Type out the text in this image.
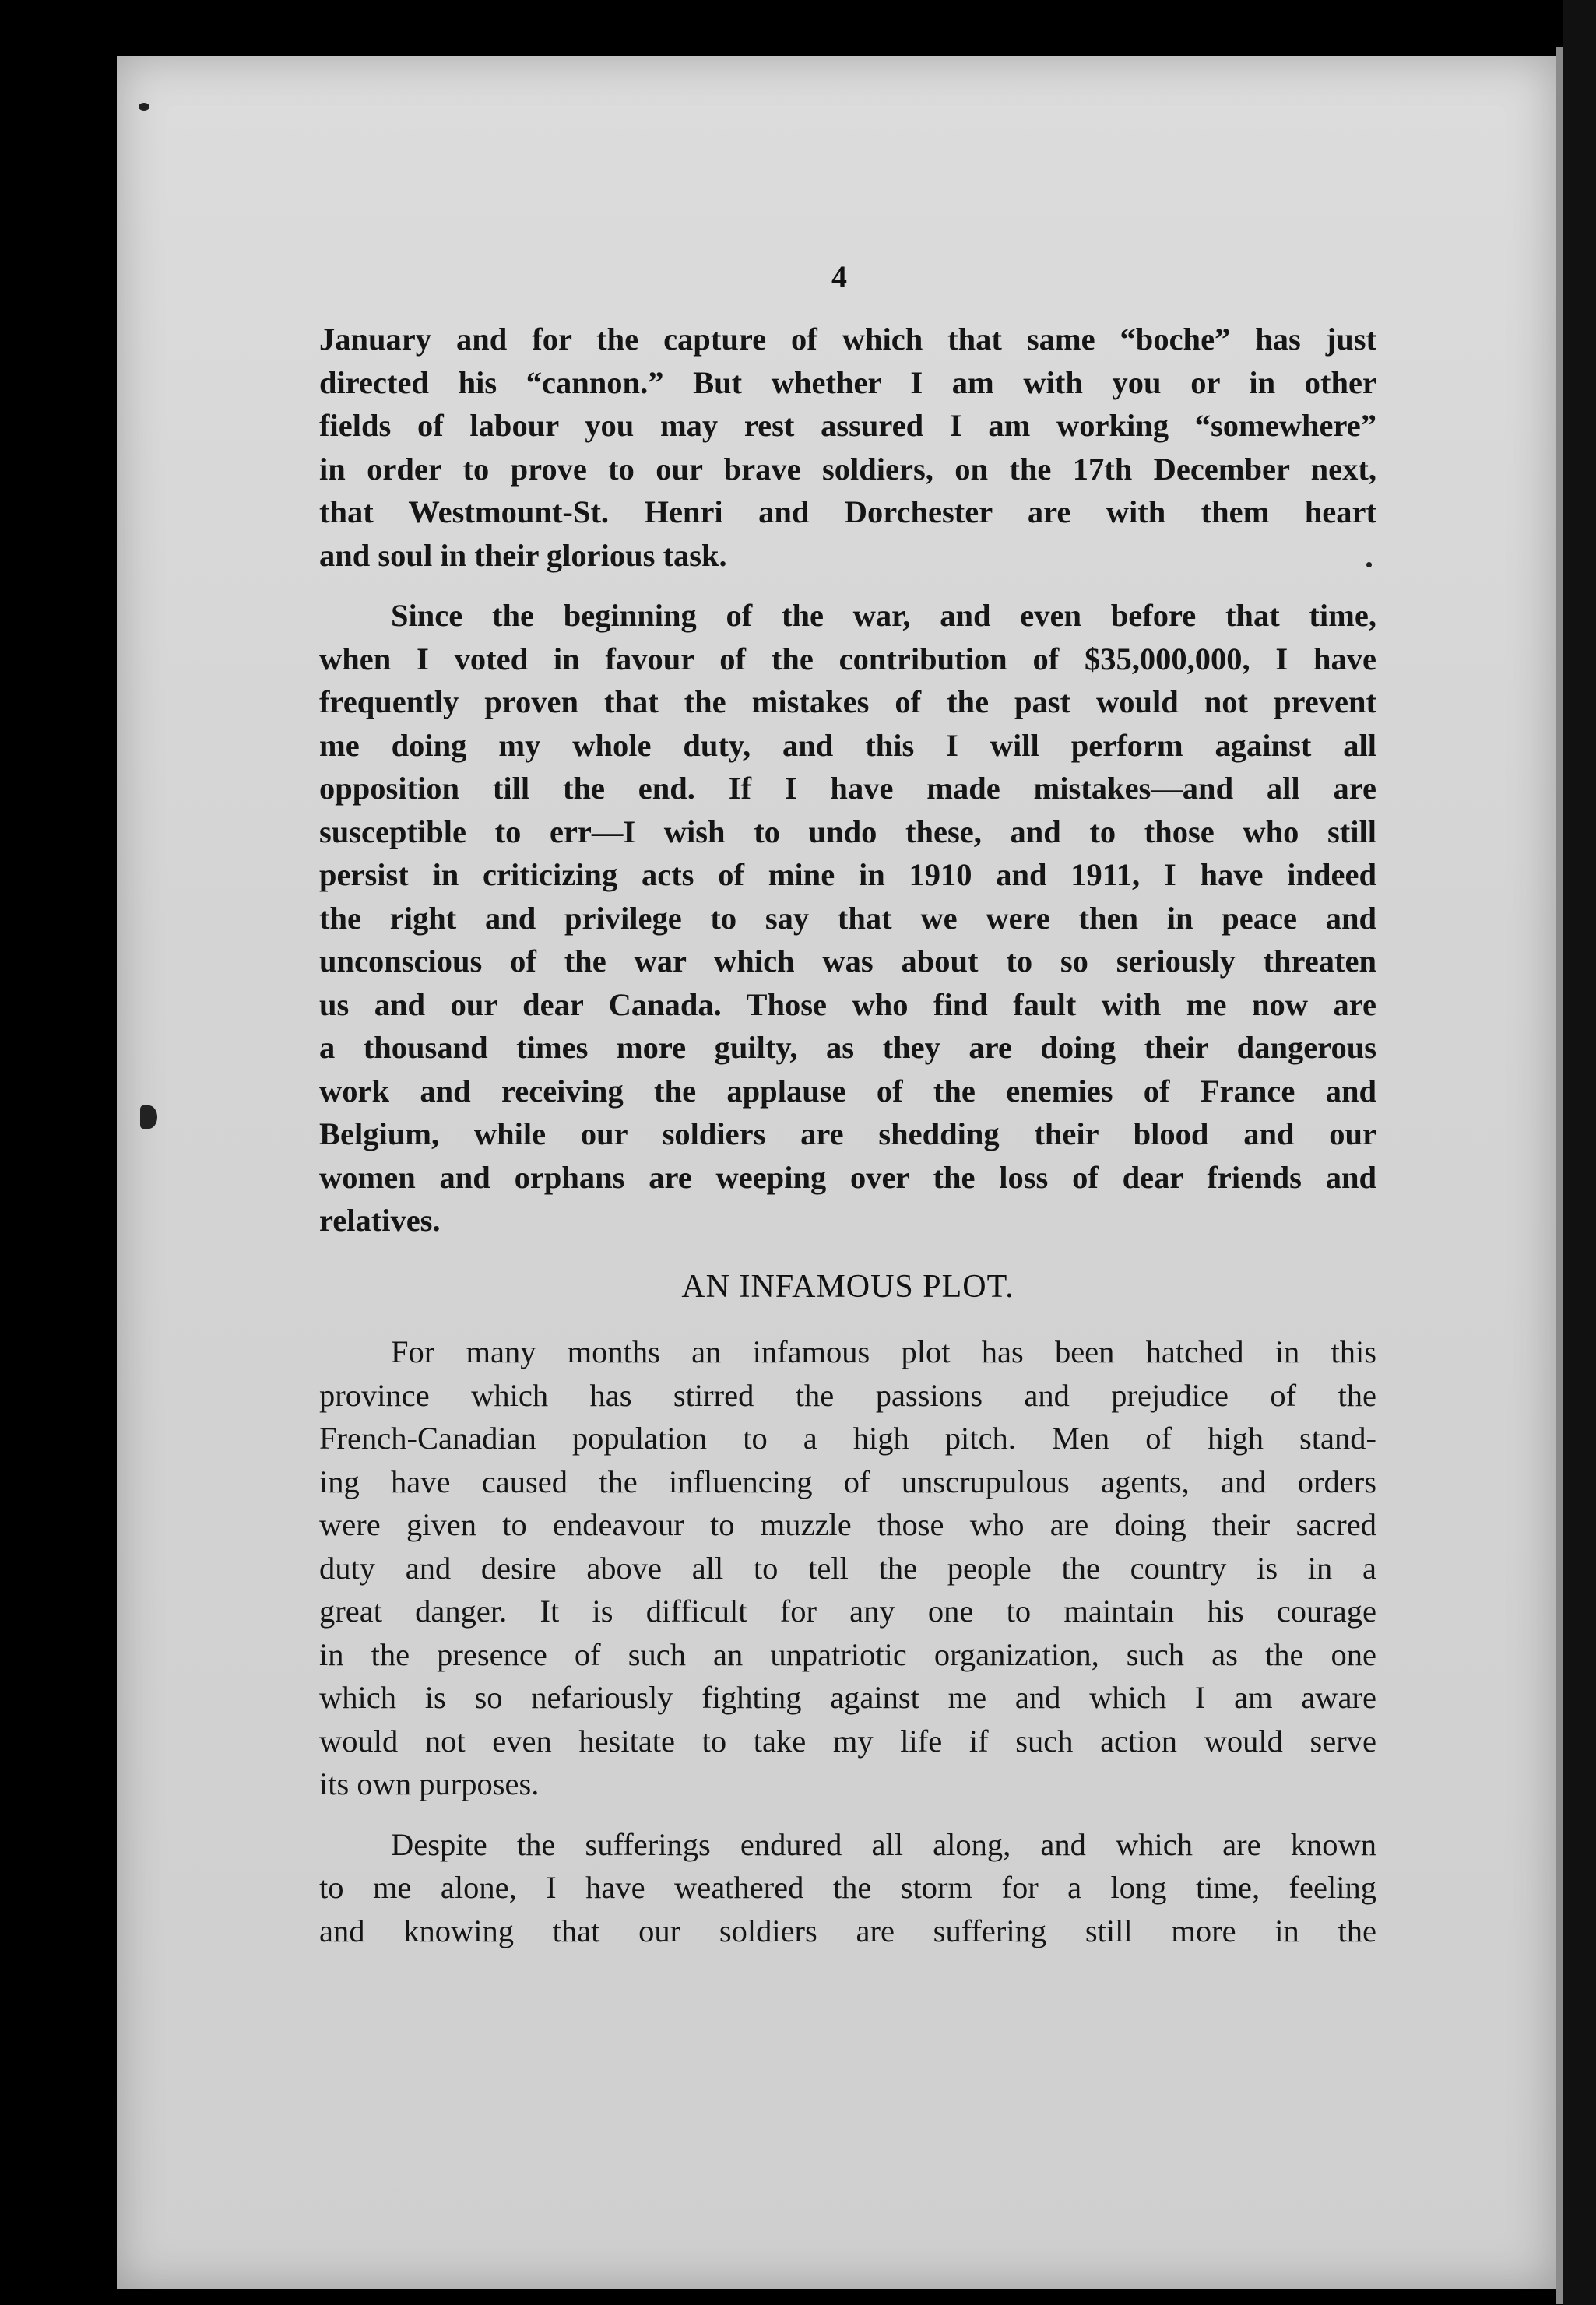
4

January and for the capture of which that same “boche” has just
directed his “cannon.” But whether I am with you or in other
fields of labour you may rest assured I am working “somewhere”
in order to prove to our brave soldiers, on the 17th December next,
that Westmount-St. Henri and Dorchester are with them heart
and soul in their glorious task.

Since the beginning of the war, and even before that time,
when I voted in favour of the contribution of $35,000,000, I have
frequently proven that the mistakes of the past would not prevent
me doing my whole duty, and this I will perform against all
opposition till the end. If I have made mistakes—and all are
susceptible to err—I wish to undo these, and to those who still
persist in criticizing acts of mine in 1910 and 1911, I have indeed
the right and privilege to say that we were then in peace and
unconscious of the war which was about to so seriously threaten
us and our dear Canada. Those who find fault with me now are
a thousand times more guilty, as they are doing their dangerous
work and receiving the applause of the enemies of France and
Belgium, while our soldiers are shedding their blood and our
women and orphans are weeping over the loss of dear friends and
relatives.

AN INFAMOUS PLOT.

For many months an infamous plot has been hatched in this
province which has stirred the passions and prejudice of the
French-Canadian population to a high pitch. Men of high stand-
ing have caused the influencing of unscrupulous agents, and orders
were given to endeavour to muzzle those who are doing their sacred
duty and desire above all to tell the people the country is in a
great danger. It is difficult for any one to maintain his courage
in the presence of such an unpatriotic organization, such as the one
which is so nefariously fighting against me and which I am aware
would not even hesitate to take my life if such action would serve
its own purposes.

Despite the sufferings endured all along, and which are known
to me alone, I have weathered the storm for a long time, feeling
and knowing that our soldiers are suffering still more in the
